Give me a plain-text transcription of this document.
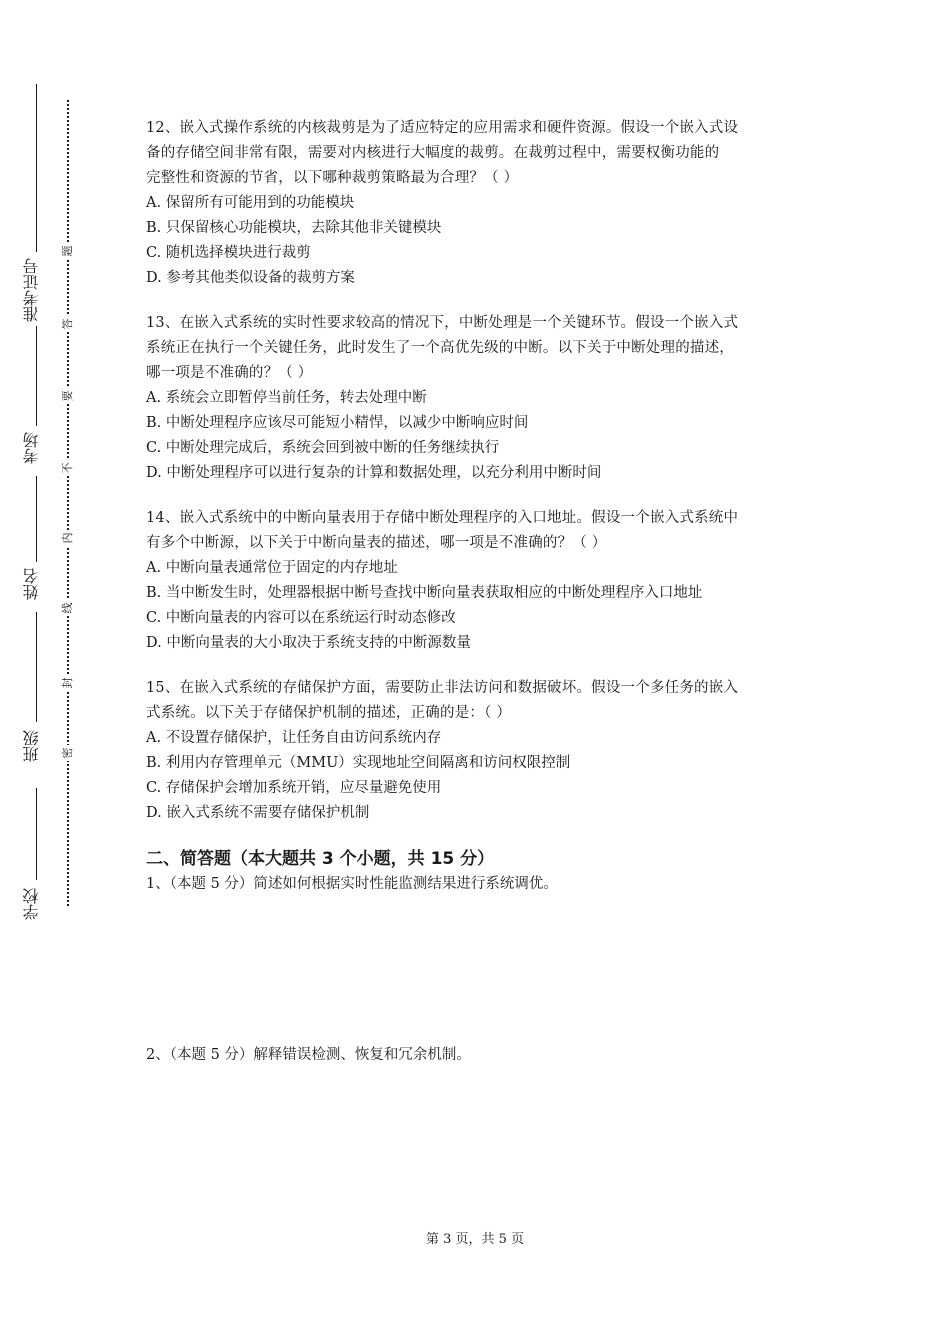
学校
班级
姓名
考场
准考证号
密
封
线
内
不
要
答
题
12、嵌入式操作系统的内核裁剪是为了适应特定的应用需求和硬件资源。假设一个嵌入式设
备的存储空间非常有限，需要对内核进行大幅度的裁剪。在裁剪过程中，需要权衡功能的
完整性和资源的节省，以下哪种裁剪策略最为合理？（ ）
A. 保留所有可能用到的功能模块
B. 只保留核心功能模块，去除其他非关键模块
C. 随机选择模块进行裁剪
D. 参考其他类似设备的裁剪方案
13、在嵌入式系统的实时性要求较高的情况下，中断处理是一个关键环节。假设一个嵌入式
系统正在执行一个关键任务，此时发生了一个高优先级的中断。以下关于中断处理的描述，
哪一项是不准确的？（ ）
A. 系统会立即暂停当前任务，转去处理中断
B. 中断处理程序应该尽可能短小精悍，以减少中断响应时间
C. 中断处理完成后，系统会回到被中断的任务继续执行
D. 中断处理程序可以进行复杂的计算和数据处理，以充分利用中断时间
14、嵌入式系统中的中断向量表用于存储中断处理程序的入口地址。假设一个嵌入式系统中
有多个中断源，以下关于中断向量表的描述，哪一项是不准确的？（ ）
A. 中断向量表通常位于固定的内存地址
B. 当中断发生时，处理器根据中断号查找中断向量表获取相应的中断处理程序入口地址
C. 中断向量表的内容可以在系统运行时动态修改
D. 中断向量表的大小取决于系统支持的中断源数量
15、在嵌入式系统的存储保护方面，需要防止非法访问和数据破坏。假设一个多任务的嵌入
式系统。以下关于存储保护机制的描述，正确的是：（ ）
A. 不设置存储保护，让任务自由访问系统内存
B. 利用内存管理单元（MMU）实现地址空间隔离和访问权限控制
C. 存储保护会增加系统开销，应尽量避免使用
D. 嵌入式系统不需要存储保护机制
二、简答题（本大题共 3 个小题，共 15 分）
1、（本题 5 分）简述如何根据实时性能监测结果进行系统调优。
2、（本题 5 分）解释错误检测、恢复和冗余机制。
第 3 页，共 5 页
